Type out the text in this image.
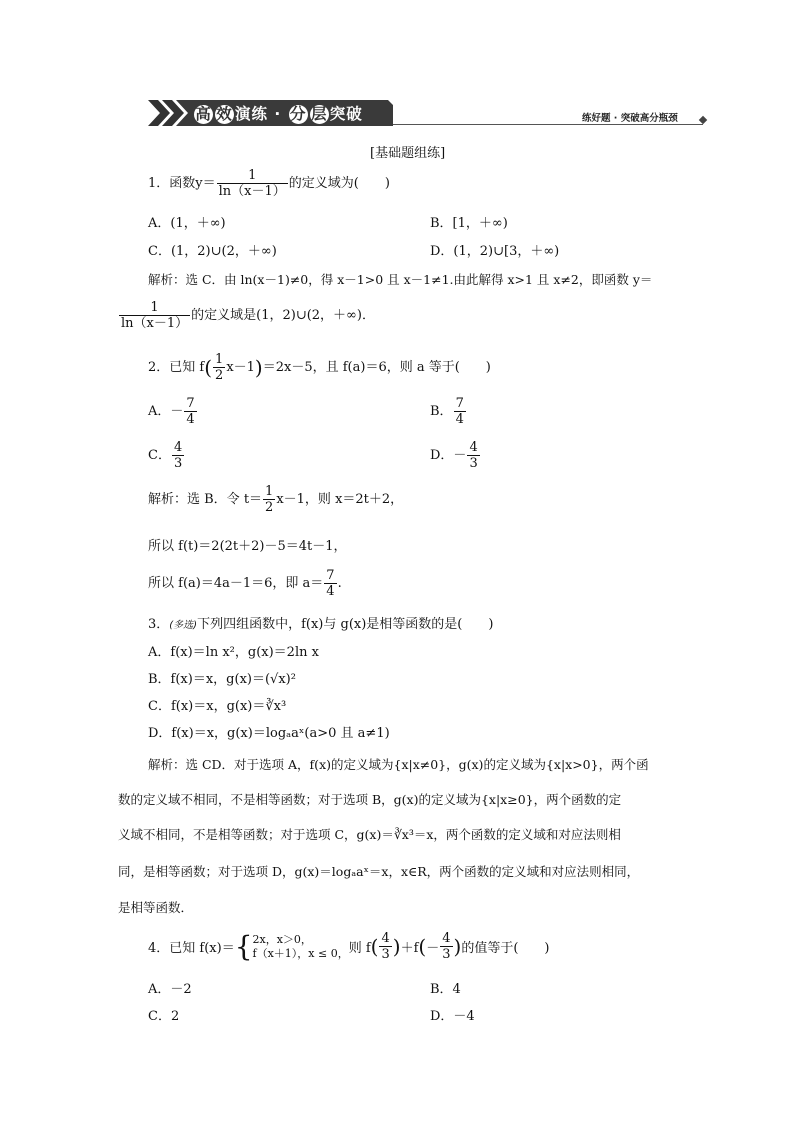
高 效 演练 · 分 层 突破	练好题 · 突破高分瓶颈
[基础题组练]
1．函数$y= \frac{1}{\ln(x-1)}$ 的定义域为(　　)
A．(1，＋∞)	B．[1，＋∞)
C．(1，2)∪(2，＋∞)	D．(1，2)∪[3，＋∞)
解析：选 C．由 ln(x－1)≠0，得 x－1>0 且 x－1≠1.由此解得 x>1 且 x≠2，即函数 y＝
$\frac{1}{\ln(x-1)}$ 的定义域是(1，2)∪(2，＋∞)．
2．已知 $f( \frac{1}{2} x-1)=2x-5$，且 f(a)＝6，则 a 等于(　　)
A．－ $\frac{7}{4}$	B． $\frac{7}{4}$
C． $\frac{4}{3}$	D．－ $\frac{4}{3}$
解析：选 B．令 $t= \frac{1}{2} x-1$，则 x＝2t＋2，
所以 f(t)＝2(2t＋2)－5＝4t－1，
所以 f(a)＝4a－1＝6，即 $a= \frac{7}{4}$ .
3．(多选)下列四组函数中，f(x)与 g(x)是相等函数的是(　　)
A．f(x)＝ln x²，g(x)＝2ln x
B．f(x)＝x，g(x)＝(√x)²
C．f(x)＝x，g(x)＝∛x³
D．f(x)＝x，g(x)＝logₐaˣ(a>0 且 a≠1)
解析：选 CD．对于选项 A，f(x)的定义域为{x|x≠0}，g(x)的定义域为{x|x>0}，两个函
数的定义域不相同，不是相等函数；对于选项 B，g(x)的定义域为{x|x≥0}，两个函数的定
义域不相同，不是相等函数；对于选项 C，g(x)＝∛x³＝x，两个函数的定义域和对应法则相
同，是相等函数；对于选项 D，g(x)＝logₐaˣ＝x，x∈R，两个函数的定义域和对应法则相同，
是相等函数．
4．已知 f(x)＝{ 2x，x＞0，
f（x＋1），x ≤ 0， 则 $f( \frac{4}{3} )+f(- \frac{4}{3}$ )的值等于(　　)
A．－2	B．4
C．2	D．－4
